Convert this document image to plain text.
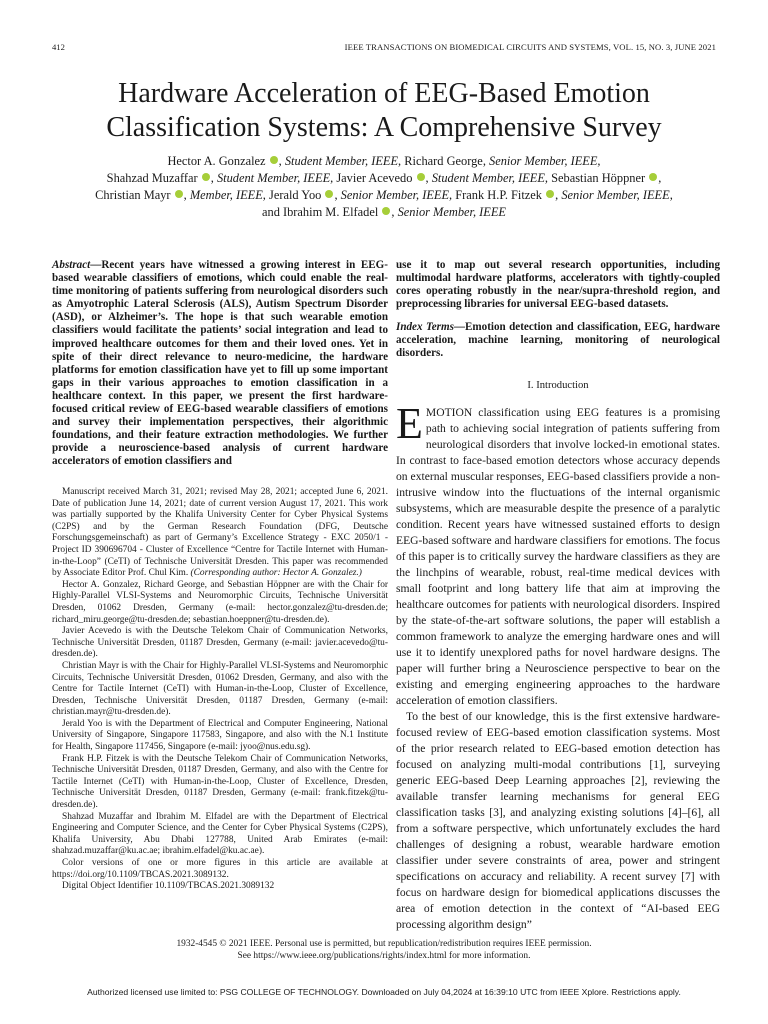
412	IEEE TRANSACTIONS ON BIOMEDICAL CIRCUITS AND SYSTEMS, VOL. 15, NO. 3, JUNE 2021
Hardware Acceleration of EEG-Based Emotion
Classification Systems: A Comprehensive Survey
Hector A. Gonzalez , Student Member, IEEE, Richard George, Senior Member, IEEE,
Shahzad Muzaffar , Student Member, IEEE, Javier Acevedo , Student Member, IEEE, Sebastian Höppner ,
Christian Mayr , Member, IEEE, Jerald Yoo , Senior Member, IEEE, Frank H.P. Fitzek , Senior Member, IEEE,
and Ibrahim M. Elfadel , Senior Member, IEEE

Abstract—Recent years have witnessed a growing interest in EEG-based wearable classifiers of emotions, which could enable the real-time monitoring of patients suffering from neurological disorders such as Amyotrophic Lateral Sclerosis (ALS), Autism Spectrum Disorder (ASD), or Alzheimer’s. The hope is that such wearable emotion classifiers would facilitate the patients’ social integration and lead to improved healthcare outcomes for them and their loved ones. Yet in spite of their direct relevance to neuro-medicine, the hardware platforms for emotion classification have yet to fill up some important gaps in their various approaches to emotion classification in a healthcare context. In this paper, we present the first hardware-focused critical review of EEG-based wearable classifiers of emotions and survey their implementation perspectives, their algorithmic foundations, and their feature extraction methodologies. We further provide a neuroscience-based analysis of current hardware accelerators of emotion classifiers and

use it to map out several research opportunities, including multimodal hardware platforms, accelerators with tightly-coupled cores operating robustly in the near/supra-threshold region, and preprocessing libraries for universal EEG-based datasets.

Index Terms—Emotion detection and classification, EEG, hardware acceleration, machine learning, monitoring of neurological disorders.

I. Introduction

EMOTION classification using EEG features is a promising path to achieving social integration of patients suffering from neurological disorders that involve locked-in emotional states. In contrast to face-based emotion detectors whose accuracy depends on external muscular responses, EEG-based classifiers provide a non-intrusive window into the fluctuations of the internal organismic subsystems, which are measurable despite the presence of a paralytic condition. Recent years have witnessed sustained efforts to design EEG-based software and hardware classifiers for emotions. The focus of this paper is to critically survey the hardware classifiers as they are the linchpins of wearable, robust, real-time medical devices with small footprint and long battery life that aim at improving the healthcare outcomes for patients with neurological disorders. Inspired by the state-of-the-art software solutions, the paper will establish a common framework to analyze the emerging hardware ones and will use it to identify unexplored paths for novel hardware designs. The paper will further bring a Neuroscience perspective to bear on the existing and emerging engineering approaches to the hardware acceleration of emotion classifiers.

To the best of our knowledge, this is the first extensive hardware-focused review of EEG-based emotion classification systems. Most of the prior research related to EEG-based emotion detection has focused on analyzing multi-modal contributions [1], surveying generic EEG-based Deep Learning approaches [2], reviewing the available transfer learning mechanisms for general EEG classification tasks [3], and analyzing existing solutions [4]–[6], all from a software perspective, which unfortunately excludes the hard challenges of designing a robust, wearable hardware emotion classifier under severe constraints of area, power and stringent specifications on accuracy and reliability. A recent survey [7] with focus on hardware design for biomedical applications discusses the area of emotion detection in the context of “AI-based EEG processing algorithm design”

Manuscript received March 31, 2021; revised May 28, 2021; accepted June 6, 2021. Date of publication June 14, 2021; date of current version August 17, 2021. This work was partially supported by the Khalifa University Center for Cyber Physical Systems (C2PS) and by the German Research Foundation (DFG, Deutsche Forschungsgemeinschaft) as part of Germany’s Excellence Strategy - EXC 2050/1 - Project ID 390696704 - Cluster of Excellence “Centre for Tactile Internet with Human-in-the-Loop” (CeTI) of Technische Universität Dresden. This paper was recommended by Associate Editor Prof. Chul Kim. (Corresponding author: Hector A. Gonzalez.)

Hector A. Gonzalez, Richard George, and Sebastian Höppner are with the Chair for Highly-Parallel VLSI-Systems and Neuromorphic Circuits, Technische Universität Dresden, 01062 Dresden, Germany (e-mail: hector.gonzalez@tu-dresden.de; richard_miru.george@tu-dresden.de; sebastian.hoeppner@tu-dresden.de).

Javier Acevedo is with the Deutsche Telekom Chair of Communication Networks, Technische Universität Dresden, 01187 Dresden, Germany (e-mail: javier.acevedo@tu-dresden.de).

Christian Mayr is with the Chair for Highly-Parallel VLSI-Systems and Neuromorphic Circuits, Technische Universität Dresden, 01062 Dresden, Germany, and also with the Centre for Tactile Internet (CeTI) with Human-in-the-Loop, Cluster of Excellence, Dresden, Technische Universität Dresden, 01187 Dresden, Germany (e-mail: christian.mayr@tu-dresden.de).

Jerald Yoo is with the Department of Electrical and Computer Engineering, National University of Singapore, Singapore 117583, Singapore, and also with the N.1 Institute for Health, Singapore 117456, Singapore (e-mail: jyoo@nus.edu.sg).

Frank H.P. Fitzek is with the Deutsche Telekom Chair of Communication Networks, Technische Universität Dresden, 01187 Dresden, Germany, and also with the Centre for Tactile Internet (CeTI) with Human-in-the-Loop, Cluster of Excellence, Dresden, Technische Universität Dresden, 01187 Dresden, Germany (e-mail: frank.fitzek@tu-dresden.de).

Shahzad Muzaffar and Ibrahim M. Elfadel are with the Department of Electrical Engineering and Computer Science, and the Center for Cyber Physical Systems (C2PS), Khalifa University, Abu Dhabi 127788, United Arab Emirates (e-mail: shahzad.muzaffar@ku.ac.ae; ibrahim.elfadel@ku.ac.ae).

Color versions of one or more figures in this article are available at https://doi.org/10.1109/TBCAS.2021.3089132.

Digital Object Identifier 10.1109/TBCAS.2021.3089132

1932-4545 © 2021 IEEE. Personal use is permitted, but republication/redistribution requires IEEE permission.
See https://www.ieee.org/publications/rights/index.html for more information.
Authorized licensed use limited to: PSG COLLEGE OF TECHNOLOGY. Downloaded on July 04,2024 at 16:39:10 UTC from IEEE Xplore. Restrictions apply.
